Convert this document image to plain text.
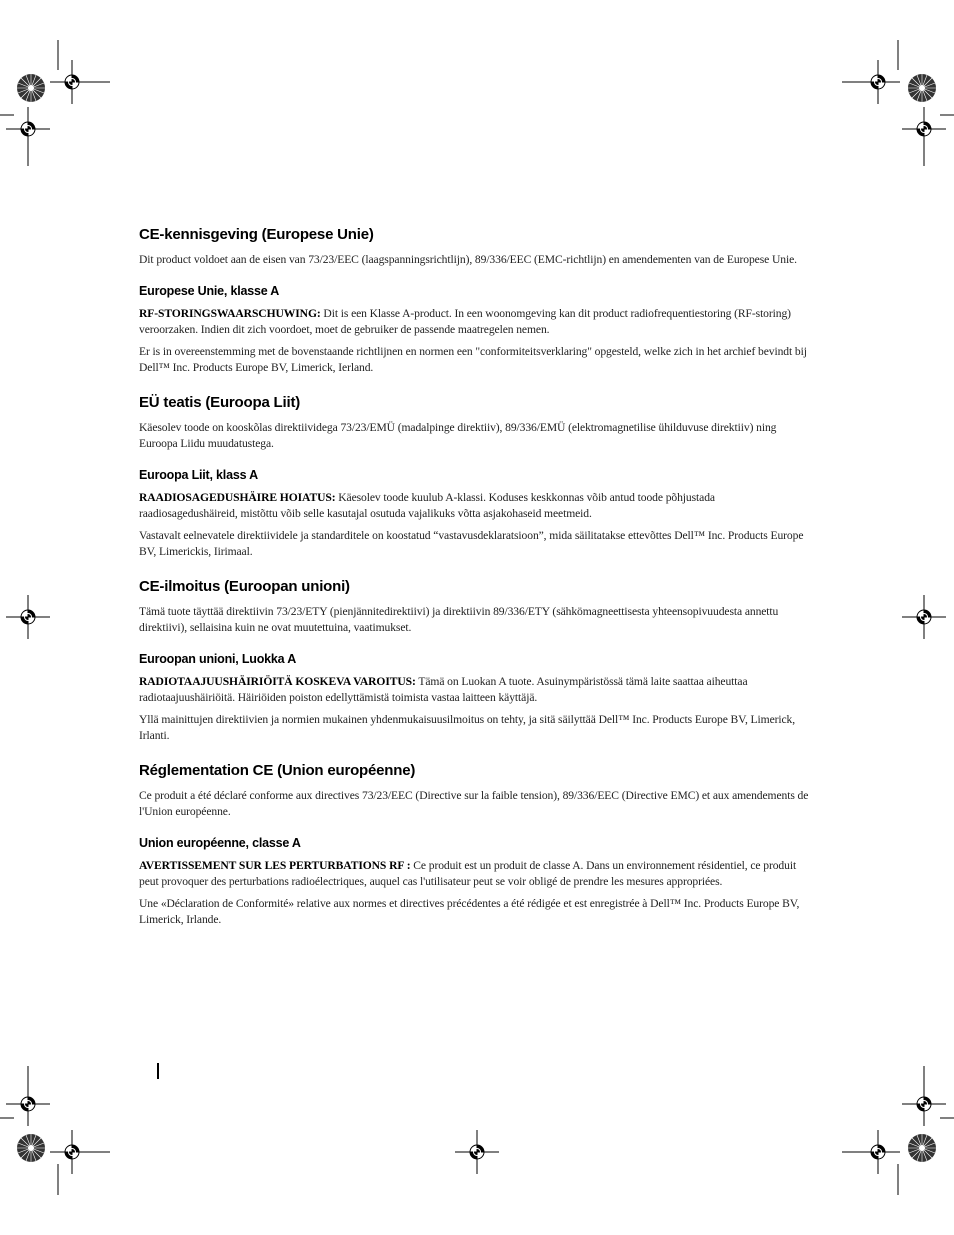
CE-kennisgeving (Europese Unie)

Dit product voldoet aan de eisen van 73/23/EEC (laagspanningsrichtlijn), 89/336/EEC (EMC-richtlijn) en amendementen van de Europese Unie.

Europese Unie, klasse A

RF-STORINGSWAARSCHUWING: Dit is een Klasse A-product. In een woonomgeving kan dit product radiofrequentiestoring (RF-storing) veroorzaken. Indien dit zich voordoet, moet de gebruiker de passende maatregelen nemen.

Er is in overeenstemming met de bovenstaande richtlijnen en normen een "conformiteitsverklaring" opgesteld, welke zich in het archief bevindt bij Dell™ Inc. Products Europe BV, Limerick, Ierland.

EÜ teatis (Euroopa Liit)

Käesolev toode on kooskõlas direktiividega 73/23/EMÜ (madalpinge direktiiv), 89/336/EMÜ (elektromagnetilise ühilduvuse direktiiv) ning Euroopa Liidu muudatustega.

Euroopa Liit, klass A

RAADIOSAGEDUSHÄIRE HOIATUS: Käesolev toode kuulub A-klassi. Koduses keskkonnas võib antud toode põhjustada raadiosagedushäireid, mistõttu võib selle kasutajal osutuda vajalikuks võtta asjakohaseid meetmeid.

Vastavalt eelnevatele direktiividele ja standarditele on koostatud “vastavusdeklaratsioon”, mida säilitatakse ettevõttes Dell™ Inc. Products Europe BV, Limerickis, Iirimaal.

CE-ilmoitus (Euroopan unioni)

Tämä tuote täyttää direktiivin 73/23/ETY (pienjännitedirektiivi) ja direktiivin 89/336/ETY (sähkömagneettisesta yhteensopivuudesta annettu direktiivi), sellaisina kuin ne ovat muutettuina, vaatimukset.

Euroopan unioni, Luokka A

RADIOTAAJUUSHÄIRIÖITÄ KOSKEVA VAROITUS: Tämä on Luokan A tuote. Asuinympäristössä tämä laite saattaa aiheuttaa radiotaajuushäiriöitä. Häiriöiden poiston edellyttämistä toimista vastaa laitteen käyttäjä.

Yllä mainittujen direktiivien ja normien mukainen yhdenmukaisuusilmoitus on tehty, ja sitä säilyttää Dell™ Inc. Products Europe BV, Limerick, Irlanti.

Réglementation CE (Union européenne)

Ce produit a été déclaré conforme aux directives 73/23/EEC (Directive sur la faible tension), 89/336/EEC (Directive EMC) et aux amendements de l'Union européenne.

Union européenne, classe A

AVERTISSEMENT SUR LES PERTURBATIONS RF : Ce produit est un produit de classe A. Dans un environnement résidentiel, ce produit peut provoquer des perturbations radioélectriques, auquel cas l'utilisateur peut se voir obligé de prendre les mesures appropriées.

Une «Déclaration de Conformité» relative aux normes et directives précédentes a été rédigée et est enregistrée à Dell™ Inc. Products Europe BV, Limerick, Irlande.
